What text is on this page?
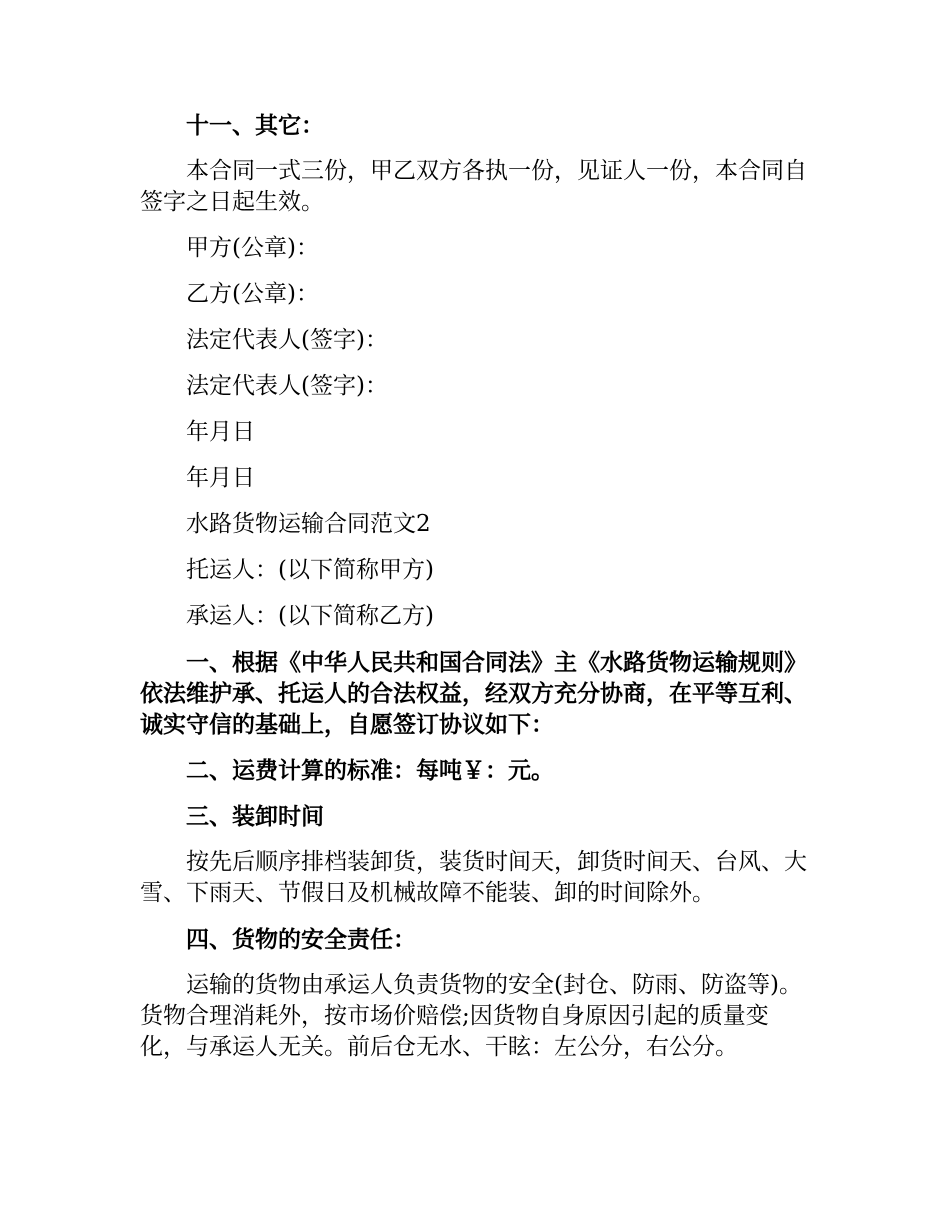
十一、其它：

本合同一式三份，甲乙双方各执一份，见证人一份，本合同自签字之日起生效。

甲方(公章)：

乙方(公章)：

法定代表人(签字)：

法定代表人(签字)：

年月日

年月日

水路货物运输合同范文2

托运人：(以下简称甲方)

承运人：(以下简称乙方)

一、根据《中华人民共和国合同法》主《水路货物运输规则》依法维护承、托运人的合法权益，经双方充分协商，在平等互利、诚实守信的基础上，自愿签订协议如下：

二、运费计算的标准：每吨￥：元。

三、装卸时间

按先后顺序排档装卸货，装货时间天，卸货时间天、台风、大雪、下雨天、节假日及机械故障不能装、卸的时间除外。

四、货物的安全责任：

运输的货物由承运人负责货物的安全(封仓、防雨、防盗等)。货物合理消耗外，按市场价赔偿;因货物自身原因引起的质量变化，与承运人无关。前后仓无水、干眩：左公分，右公分。
